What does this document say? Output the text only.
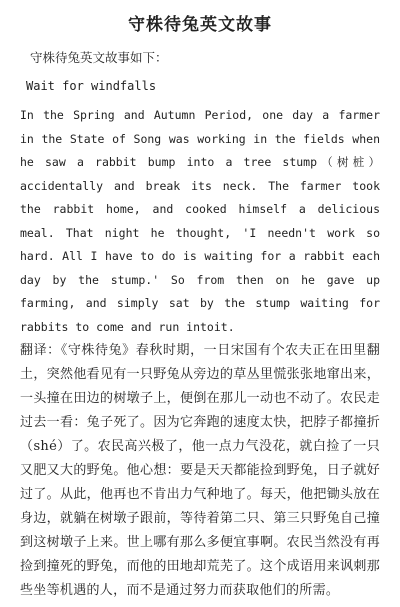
守株待兔英文故事

守株待兔英文故事如下：

Wait for windfalls

In the Spring and Autumn Period, one day a farmer in the State of Song was working in the fields when he saw a rabbit bump into a tree stump（树桩）accidentally and break its neck. The farmer took the rabbit home, and cooked himself a delicious meal. That night he thought, 'I needn't work so hard. All I have to do is waiting for a rabbit each day by the stump.' So from then on he gave up farming, and simply sat by the stump waiting for rabbits to come and run intoit.

翻译：《守株待兔》春秋时期，一日宋国有个农夫正在田里翻土，突然他看见有一只野兔从旁边的草丛里慌张张地窜出来，一头撞在田边的树墩子上，便倒在那儿一动也不动了。农民走过去一看：兔子死了。因为它奔跑的速度太快，把脖子都撞折（shé）了。农民高兴极了，他一点力气没花，就白捡了一只又肥又大的野兔。他心想：要是天天都能捡到野兔，日子就好过了。从此，他再也不肯出力气种地了。每天，他把锄头放在身边，就躺在树墩子跟前，等待着第二只、第三只野兔自己撞到这树墩子上来。世上哪有那么多便宜事啊。农民当然没有再捡到撞死的野兔，而他的田地却荒芜了。这个成语用来讽刺那些坐等机遇的人，而不是通过努力而获取他们的所需。
